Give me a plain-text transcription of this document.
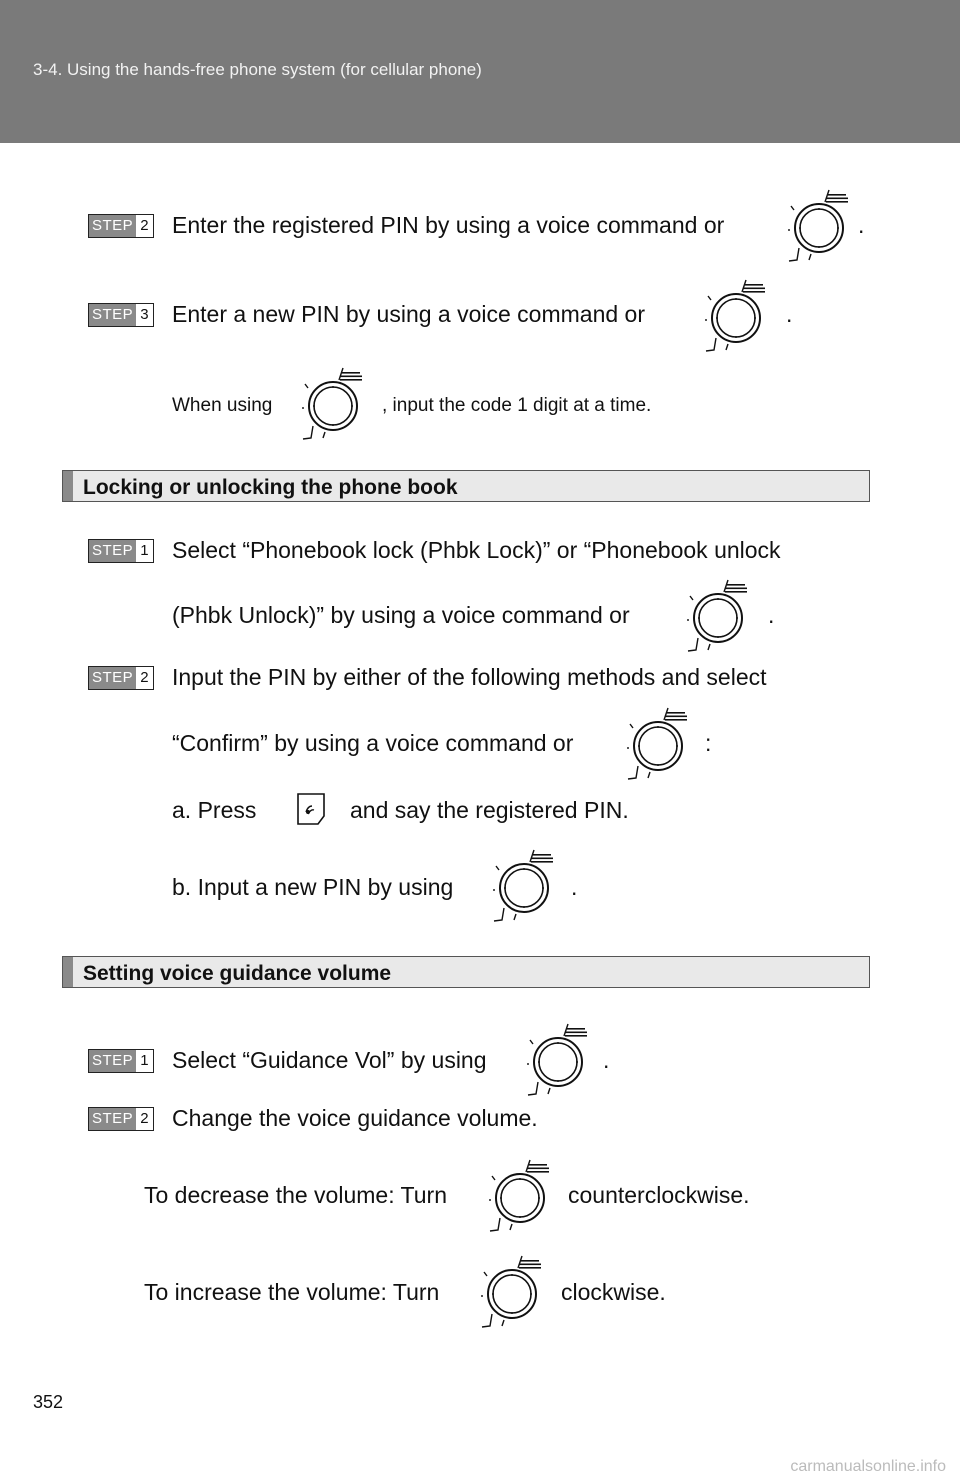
3-4. Using the hands-free phone system (for cellular phone)
STEP 2 Enter the registered PIN by using a voice command or	.
STEP 3 Enter a new PIN by using a voice command or	.
When using	, input the code 1 digit at a time.
Locking or unlocking the phone book
STEP 1 Select “Phonebook lock (Phbk Lock)” or “Phonebook unlock
(Phbk Unlock)” by using a voice command or	.
STEP 2 Input the PIN by either of the following methods and select
“Confirm” by using a voice command or	:
a. Press	and say the registered PIN.
b. Input a new PIN by using	.
Setting voice guidance volume
STEP 1 Select “Guidance Vol” by using	.
STEP 2 Change the voice guidance volume.
To decrease the volume: Turn	counterclockwise.
To increase the volume: Turn	clockwise.
352
carmanualsonline.info
